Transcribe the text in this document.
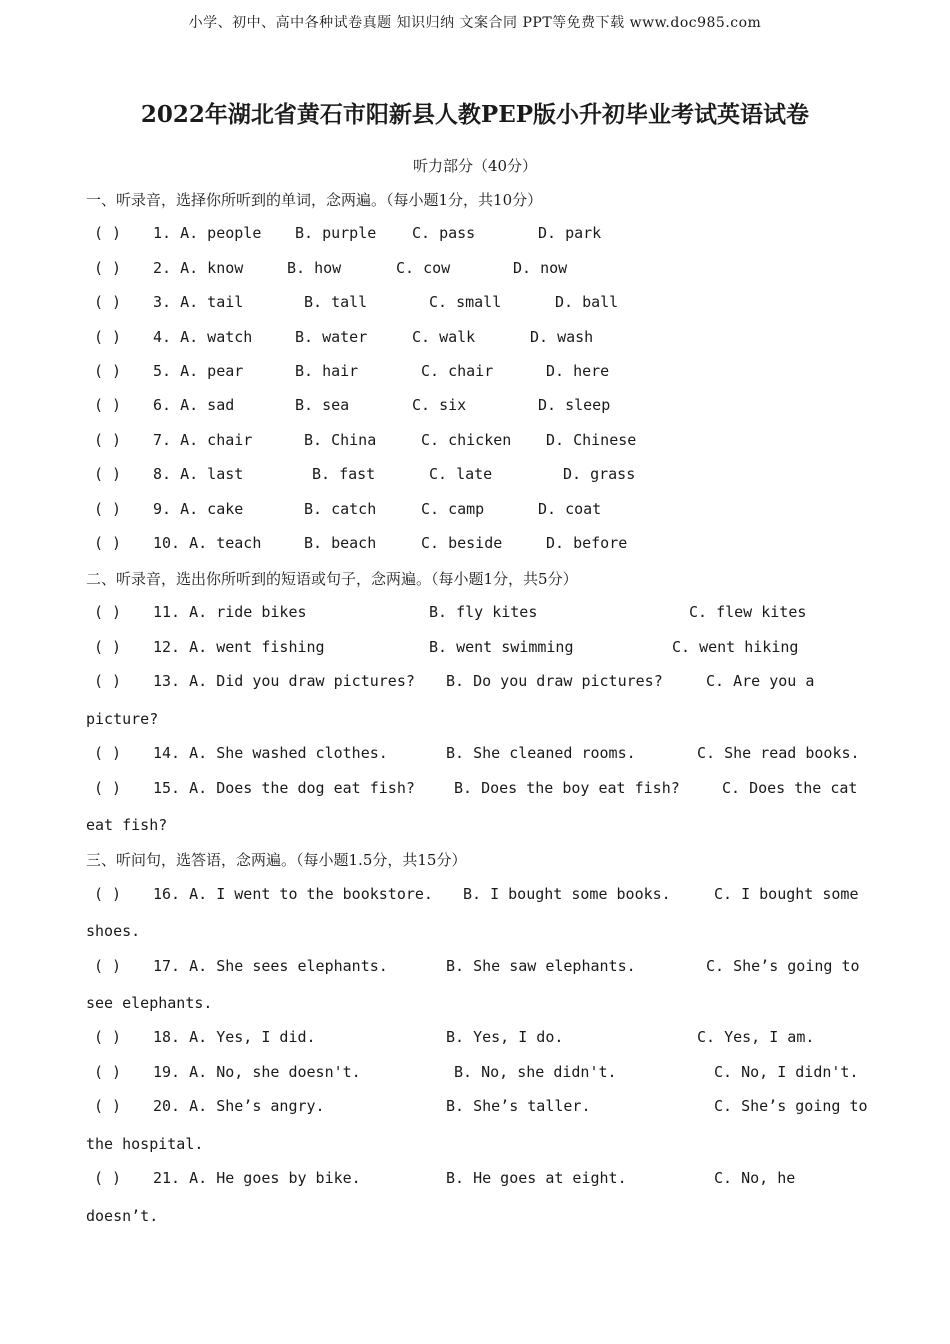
小学、初中、高中各种试卷真题 知识归纳 文案合同 PPT等免费下载 www.doc985.com
2022年湖北省黄石市阳新县人教PEP版小升初毕业考试英语试卷
听力部分（40分）
一、听录音，选择你所听到的单词，念两遍。（每小题1分，共10分）
( ) 1. A. people B. purple C. pass	D. park
( ) 2. A. know	B. how	C. cow	D. now
( ) 3. A. tail	B. tall	C. small	D. ball
( ) 4. A. watch	B. water	C. walk	D. wash
( ) 5. A. pear	B. hair	C. chair	D. here
( ) 6. A. sad	B. sea	C. six	D. sleep
( ) 7. A. chair	B. China	C. chicken D. Chinese
( ) 8. A. last	B. fast	C. late	D. grass
( ) 9. A. cake	B. catch	C. camp	D. coat
( ) 10. A. teach	B. beach	C. beside	D. before
二、听录音，选出你所听到的短语或句子，念两遍。（每小题1分，共5分）
( ) 11. A. ride bikes	B. fly kites	C. flew kites
( ) 12. A. went fishing	B. went swimming	C. went hiking
( ) 13. A. Did you draw pictures? B. Do you draw pictures?	C. Are you a
picture?
( ) 14. A. She washed clothes.	B. She cleaned rooms.	C. She read books.
( ) 15. A. Does the dog eat fish?	B. Does the boy eat fish?	C. Does the cat
eat fish?
三、听问句，选答语，念两遍。（每小题1.5分，共15分）
( ) 16. A. I went to the bookstore. B. I bought some books.	C. I bought some
shoes.
( ) 17. A. She sees elephants.	B. She saw elephants.	C. She’s going to
see elephants.
( ) 18. A. Yes, I did.	B. Yes, I do.	C. Yes, I am.
( ) 19. A. No, she doesn't.	B. No, she didn't.	C. No, I didn't.
( ) 20. A. She’s angry.	B. She’s taller.	C. She’s going to
the hospital.
( ) 21. A. He goes by bike.	B. He goes at eight.	C. No, he
doesn’t.
